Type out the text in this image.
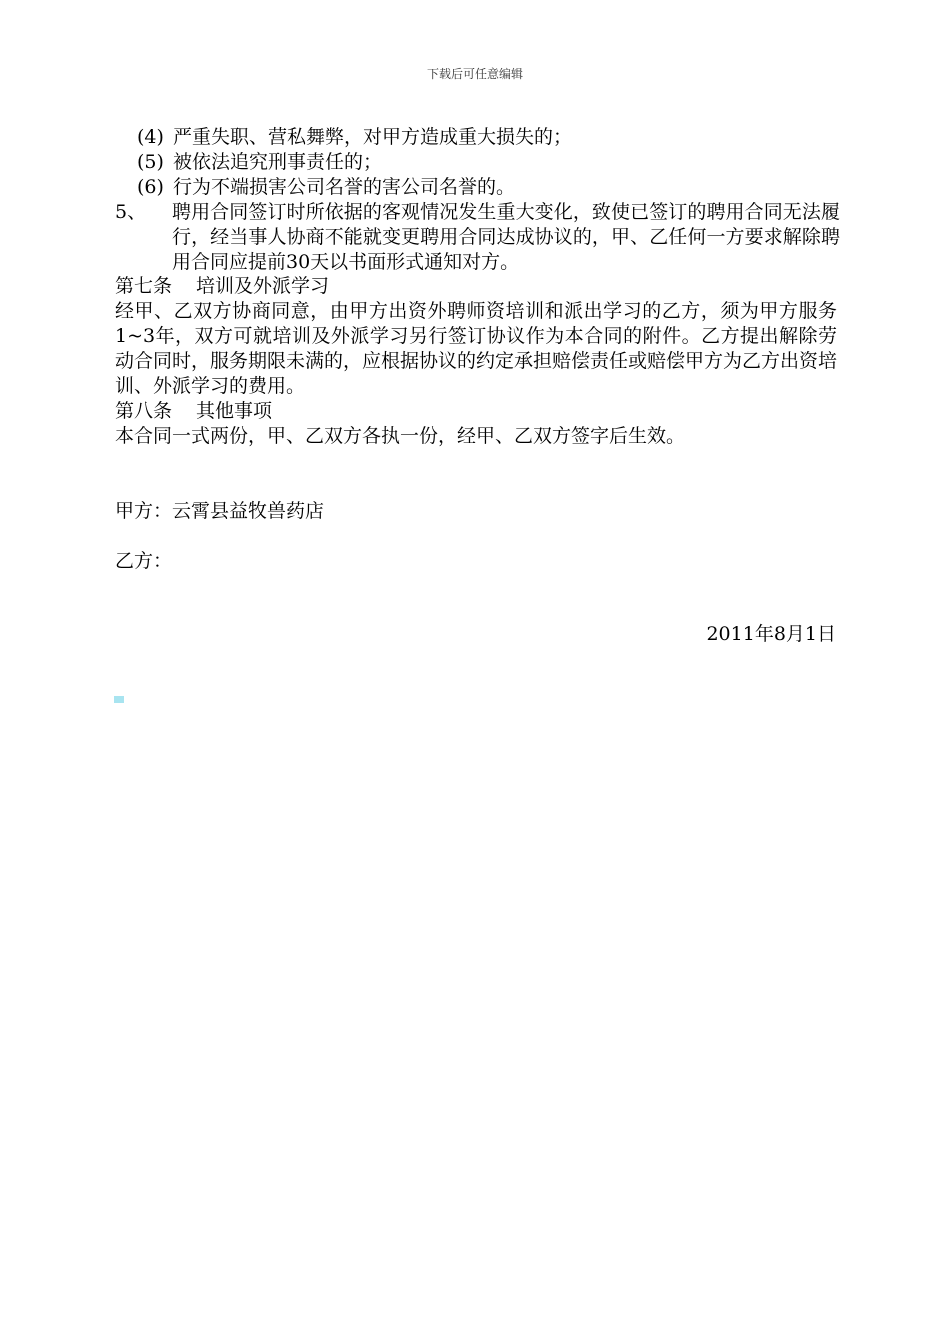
下载后可任意编辑
(4) 严重失职、营私舞弊，对甲方造成重大损失的；
(5) 被依法追究刑事责任的；
(6) 行为不端损害公司名誉的害公司名誉的。
5、 聘用合同签订时所依据的客观情况发生重大变化，致使已签订的聘用合同无法履行，经当事人协商不能就变更聘用合同达成协议的，甲、乙任何一方要求解除聘用合同应提前30天以书面形式通知对方。
第七条 培训及外派学习
经甲、乙双方协商同意，由甲方出资外聘师资培训和派出学习的乙方，须为甲方服务1~3年，双方可就培训及外派学习另行签订协议作为本合同的附件。乙方提出解除劳动合同时，服务期限未满的，应根据协议的约定承担赔偿责任或赔偿甲方为乙方出资培训、外派学习的费用。
第八条 其他事项
本合同一式两份，甲、乙双方各执一份，经甲、乙双方签字后生效。
甲方：云霄县益牧兽药店
乙方：
2011年8月1日
